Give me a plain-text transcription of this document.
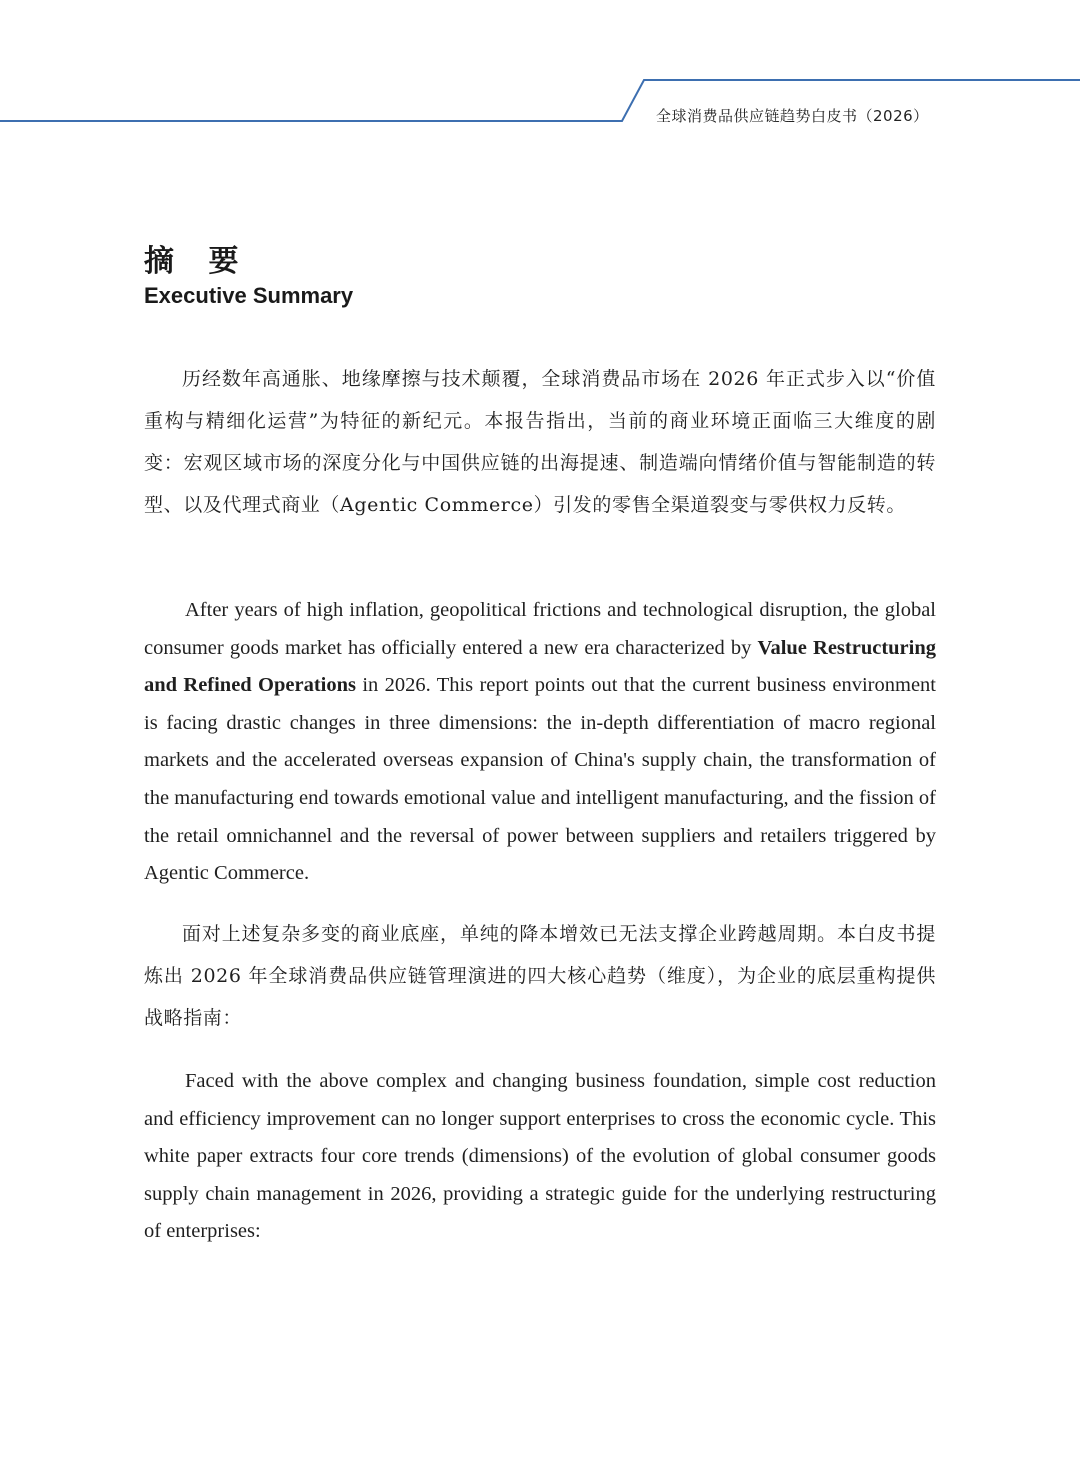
全球消费品供应链趋势白皮书（2026）
摘 要
Executive Summary

历经数年高通胀、地缘摩擦与技术颠覆，全球消费品市场在 2026 年正式步入以“价值重构与精细化运营”为特征的新纪元。本报告指出，当前的商业环境正面临三大维度的剧变：宏观区域市场的深度分化与中国供应链的出海提速、制造端向情绪价值与智能制造的转型、以及代理式商业（Agentic Commerce）引发的零售全渠道裂变与零供权力反转。

After years of high inflation, geopolitical frictions and technological disruption, the global consumer goods market has officially entered a new era characterized by Value Restructuring and Refined Operations in 2026. This report points out that the current business environment is facing drastic changes in three dimensions: the in-depth differentiation of macro regional markets and the accelerated overseas expansion of China's supply chain, the transformation of the manufacturing end towards emotional value and intelligent manufacturing, and the fission of the retail omnichannel and the reversal of power between suppliers and retailers triggered by Agentic Commerce.

面对上述复杂多变的商业底座，单纯的降本增效已无法支撑企业跨越周期。本白皮书提炼出 2026 年全球消费品供应链管理演进的四大核心趋势（维度），为企业的底层重构提供战略指南：

Faced with the above complex and changing business foundation, simple cost reduction and efficiency improvement can no longer support enterprises to cross the economic cycle. This white paper extracts four core trends (dimensions) of the evolution of global consumer goods supply chain management in 2026, providing a strategic guide for the underlying restructuring of enterprises:
